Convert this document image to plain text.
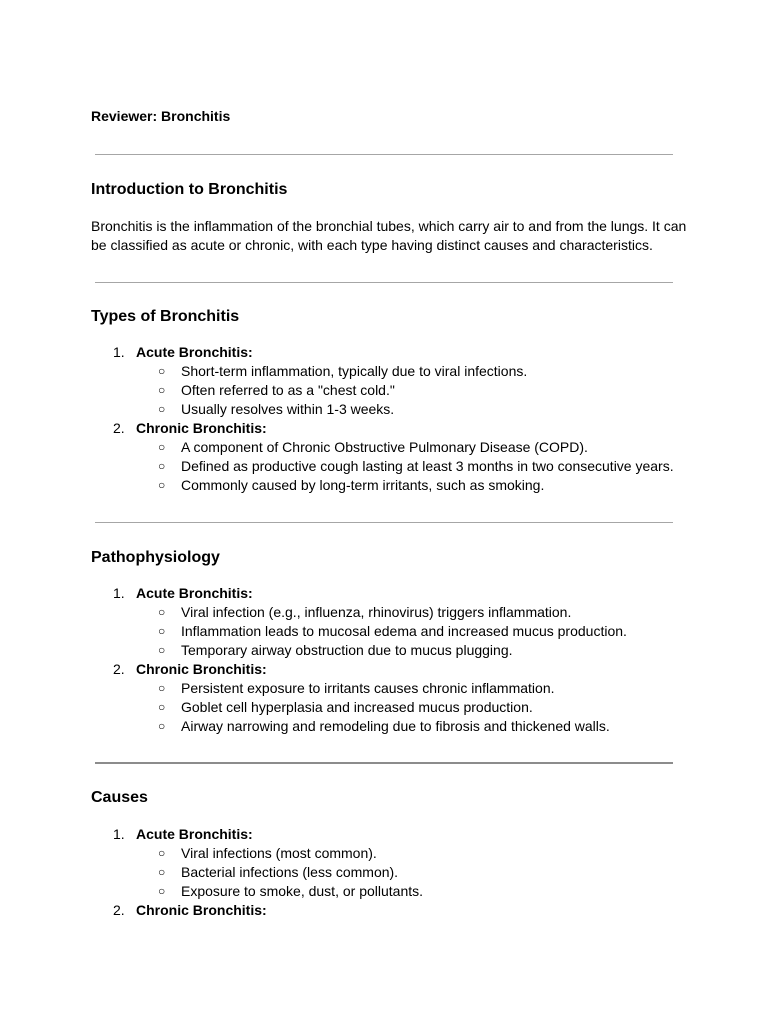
Reviewer: Bronchitis
Introduction to Bronchitis
Bronchitis is the inflammation of the bronchial tubes, which carry air to and from the lungs. It can be classified as acute or chronic, with each type having distinct causes and characteristics.
Types of Bronchitis
1. Acute Bronchitis:
○ Short-term inflammation, typically due to viral infections.
○ Often referred to as a "chest cold."
○ Usually resolves within 1-3 weeks.
2. Chronic Bronchitis:
○ A component of Chronic Obstructive Pulmonary Disease (COPD).
○ Defined as productive cough lasting at least 3 months in two consecutive years.
○ Commonly caused by long-term irritants, such as smoking.
Pathophysiology
1. Acute Bronchitis:
○ Viral infection (e.g., influenza, rhinovirus) triggers inflammation.
○ Inflammation leads to mucosal edema and increased mucus production.
○ Temporary airway obstruction due to mucus plugging.
2. Chronic Bronchitis:
○ Persistent exposure to irritants causes chronic inflammation.
○ Goblet cell hyperplasia and increased mucus production.
○ Airway narrowing and remodeling due to fibrosis and thickened walls.
Causes
1. Acute Bronchitis:
○ Viral infections (most common).
○ Bacterial infections (less common).
○ Exposure to smoke, dust, or pollutants.
2. Chronic Bronchitis:
